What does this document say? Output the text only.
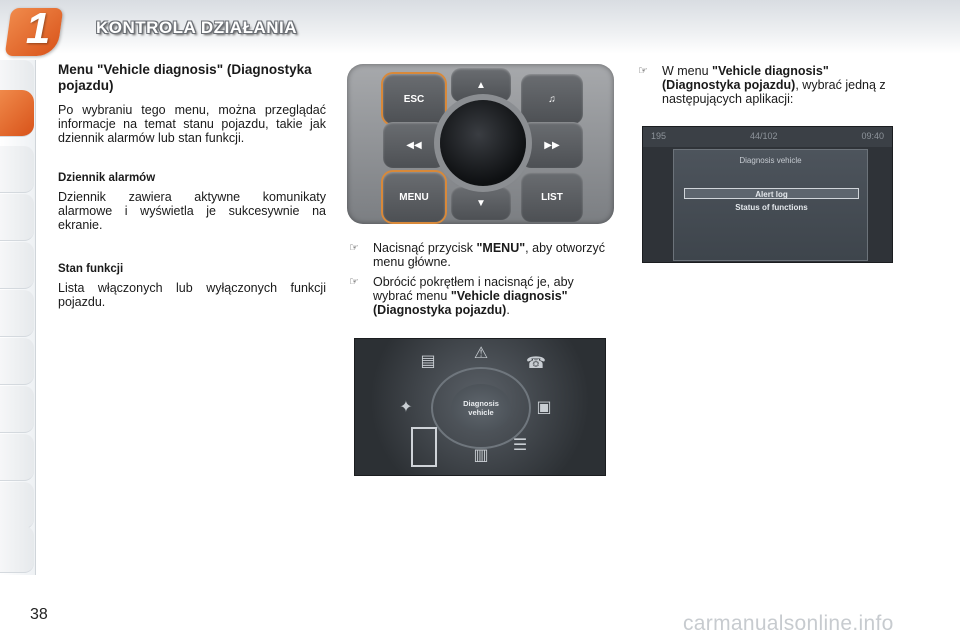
1	KONTROLA DZIAŁANIA
Menu "Vehicle diagnosis" (Diagnostyka pojazdu)

Po wybraniu tego menu, można przeglądać informacje na temat stanu pojazdu, takie jak dziennik alarmów lub stan funkcji.

Dziennik alarmów

Dziennik zawiera aktywne komunikaty alarmowe i wyświetla je sukcesywnie na ekranie.

Stan funkcji

Lista włączonych lub wyłączonych funkcji pojazdu.

ESC
▲
♫
◀◀	▶▶
MENU
▼
LIST
☞ Nacisnąć przycisk "MENU", aby otworzyć menu główne.
☞ Obrócić pokrętłem i nacisnąć je, aby wybrać menu "Vehicle diagnosis" (Diagnostyka pojazdu).
Diagnosis
vehicle
▤ ⚠
☎
✦	▣
▥
☰
☞ W menu "Vehicle diagnosis" (Diagnostyka pojazdu), wybrać jedną z następujących aplikacji:
195	44/102	09:40
Diagnosis vehicle
Alert log
Status of functions
38	carmanualsonline.info
